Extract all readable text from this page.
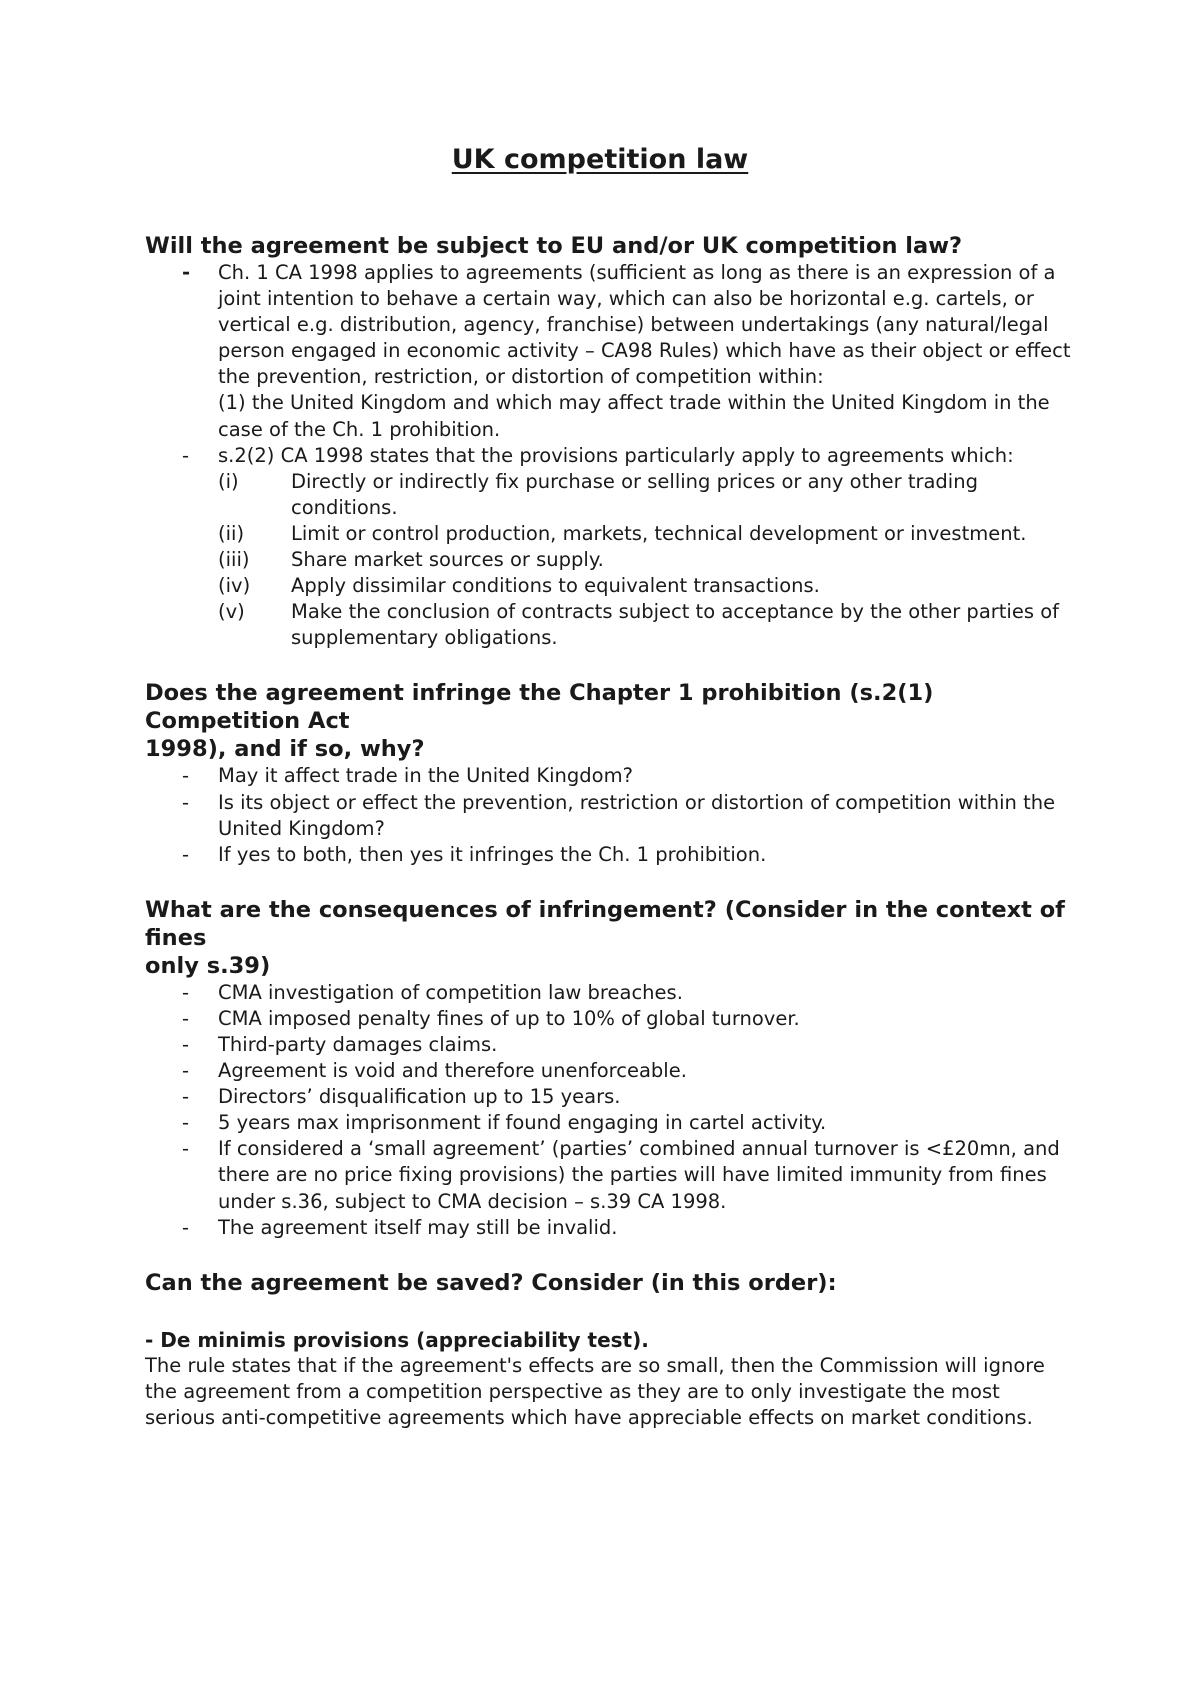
UK competition law
Will the agreement be subject to EU and/or UK competition law?
- Ch. 1 CA 1998 applies to agreements (sufficient as long as there is an expression of a joint intention to behave a certain way, which can also be horizontal e.g. cartels, or vertical e.g. distribution, agency, franchise) between undertakings (any natural/legal person engaged in economic activity – CA98 Rules) which have as their object or effect the prevention, restriction, or distortion of competition within:
(1) the United Kingdom and which may affect trade within the United Kingdom in the case of the Ch. 1 prohibition.
- s.2(2) CA 1998 states that the provisions particularly apply to agreements which:
(i)	Directly or indirectly fix purchase or selling prices or any other trading conditions.
(ii) Limit or control production, markets, technical development or investment.
(iii) Share market sources or supply.
(iv) Apply dissimilar conditions to equivalent transactions.
(v) Make the conclusion of contracts subject to acceptance by the other parties of supplementary obligations.
Does the agreement infringe the Chapter 1 prohibition (s.2(1) Competition Act
1998), and if so, why?
- May it affect trade in the United Kingdom?
- Is its object or effect the prevention, restriction or distortion of competition within the United Kingdom?
- If yes to both, then yes it infringes the Ch. 1 prohibition.
What are the consequences of infringement? (Consider in the context of fines
only s.39)
- CMA investigation of competition law breaches.
- CMA imposed penalty fines of up to 10% of global turnover.
- Third-party damages claims.
- Agreement is void and therefore unenforceable.
- Directors’ disqualification up to 15 years.
- 5 years max imprisonment if found engaging in cartel activity.
- If considered a ‘small agreement’ (parties’ combined annual turnover is <£20mn, and there are no price fixing provisions) the parties will have limited immunity from fines under s.36, subject to CMA decision – s.39 CA 1998.
- The agreement itself may still be invalid.
Can the agreement be saved? Consider (in this order):
- De minimis provisions (appreciability test).

The rule states that if the agreement's effects are so small, then the Commission will ignore the agreement from a competition perspective as they are to only investigate the most serious anti-competitive agreements which have appreciable effects on market conditions.
